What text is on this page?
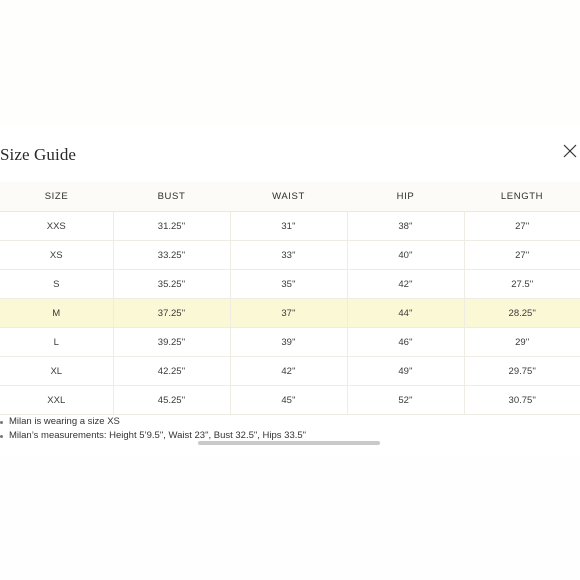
Size Guide
SIZE	BUST	WAIST	HIP	LENGTH
XXS	31.25''	31''	38''	27''
XS	33.25''	33''	40''	27''
S	35.25''	35''	42''	27.5''
M	37.25''	37''	44''	28.25''
L	39.25''	39''	46''	29''
XL	42.25''	42''	49''	29.75''
XXL	45.25''	45''	52''	30.75''
Milan is wearing a size XS
Milan’s measurements: Height 5’9.5", Waist 23", Bust 32.5", Hips 33.5"
